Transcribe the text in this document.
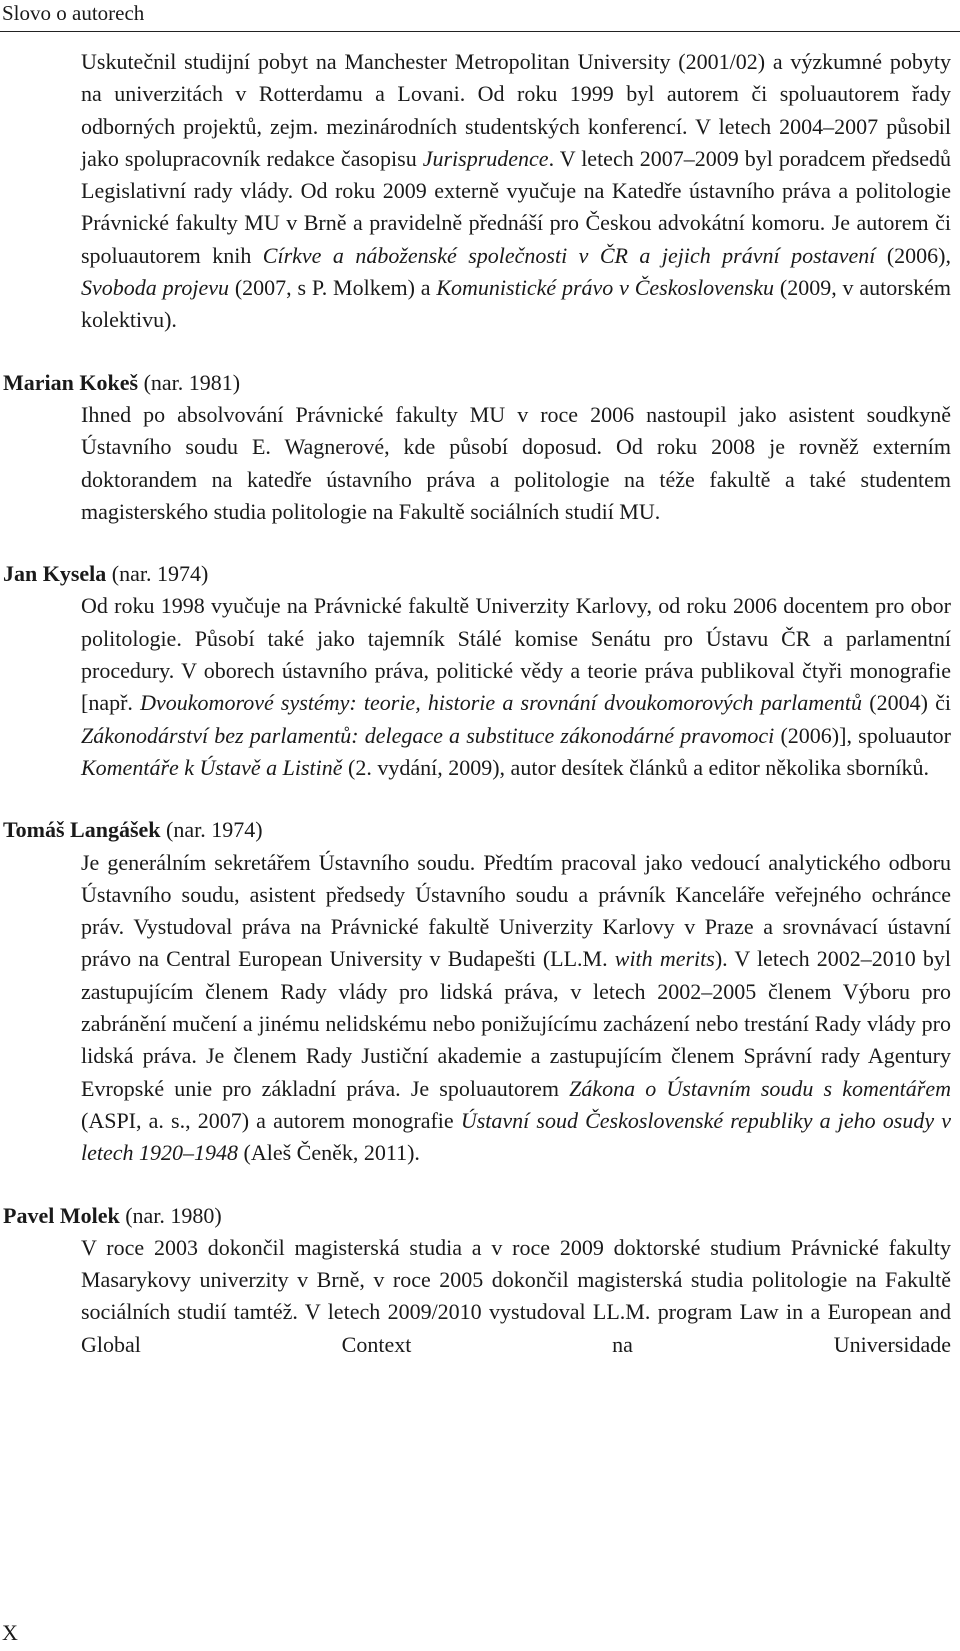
Slovo o autorech

Uskutečnil studijní pobyt na Manchester Metropolitan University (2001/02) a výzkumné pobyty na univerzitách v Rotterdamu a Lovani. Od roku 1999 byl autorem či spoluautorem řady odborných projektů, zejm. mezinárodních studentských konferencí. V letech 2004–2007 působil jako spolupracovník redakce časopisu Jurisprudence. V letech 2007–2009 byl poradcem předsedů Legislativní rady vlády. Od roku 2009 externě vyučuje na Katedře ústavního práva a politologie Právnické fakulty MU v Brně a pravidelně přednáší pro Českou advokátní komoru. Je autorem či spoluautorem knih Církve a náboženské společnosti v ČR a jejich právní postavení (2006), Svoboda projevu (2007, s P. Molkem) a Komunistické právo v Československu (2009, v autorském kolektivu).

Marian Kokeš (nar. 1981)

Ihned po absolvování Právnické fakulty MU v roce 2006 nastoupil jako asistent soudkyně Ústavního soudu E. Wagnerové, kde působí doposud. Od roku 2008 je rovněž externím doktorandem na katedře ústavního práva a politologie na téže fakultě a také studentem magisterského studia politologie na Fakultě sociálních studií MU.

Jan Kysela (nar. 1974)

Od roku 1998 vyučuje na Právnické fakultě Univerzity Karlovy, od roku 2006 docentem pro obor politologie. Působí také jako tajemník Stálé komise Senátu pro Ústavu ČR a parlamentní procedury. V oborech ústavního práva, politické vědy a teorie práva publikoval čtyři monografie [např. Dvoukomorové systémy: teorie, historie a srovnání dvoukomorových parlamentů (2004) či Zákonodárství bez parlamentů: delegace a substituce zákonodárné pravomoci (2006)], spoluautor Komentáře k Ústavě a Listině (2. vydání, 2009), autor desítek článků a editor několika sborníků.

Tomáš Langášek (nar. 1974)

Je generálním sekretářem Ústavního soudu. Předtím pracoval jako vedoucí analytického odboru Ústavního soudu, asistent předsedy Ústavního soudu a právník Kanceláře veřejného ochránce práv. Vystudoval práva na Právnické fakultě Univerzity Karlovy v Praze a srovnávací ústavní právo na Central European University v Budapešti (LL.M. with merits). V letech 2002–2010 byl zastupujícím členem Rady vlády pro lidská práva, v letech 2002–2005 členem Výboru pro zabránění mučení a jinému nelidskému nebo ponižujícímu zacházení nebo trestání Rady vlády pro lidská práva. Je členem Rady Justiční akademie a zastupujícím členem Správní rady Agentury Evropské unie pro základní práva. Je spoluautorem Zákona o Ústavním soudu s komentářem (ASPI, a. s., 2007) a autorem monografie Ústavní soud Československé republiky a jeho osudy v letech 1920–1948 (Aleš Čeněk, 2011).

Pavel Molek (nar. 1980)

V roce 2003 dokončil magisterská studia a v roce 2009 doktorské studium Právnické fakulty Masarykovy univerzity v Brně, v roce 2005 dokončil magisterská studia politologie na Fakultě sociálních studií tamtéž. V letech 2009/2010 vystudoval LL.M. program Law in a European and Global Context na Universidade

X
